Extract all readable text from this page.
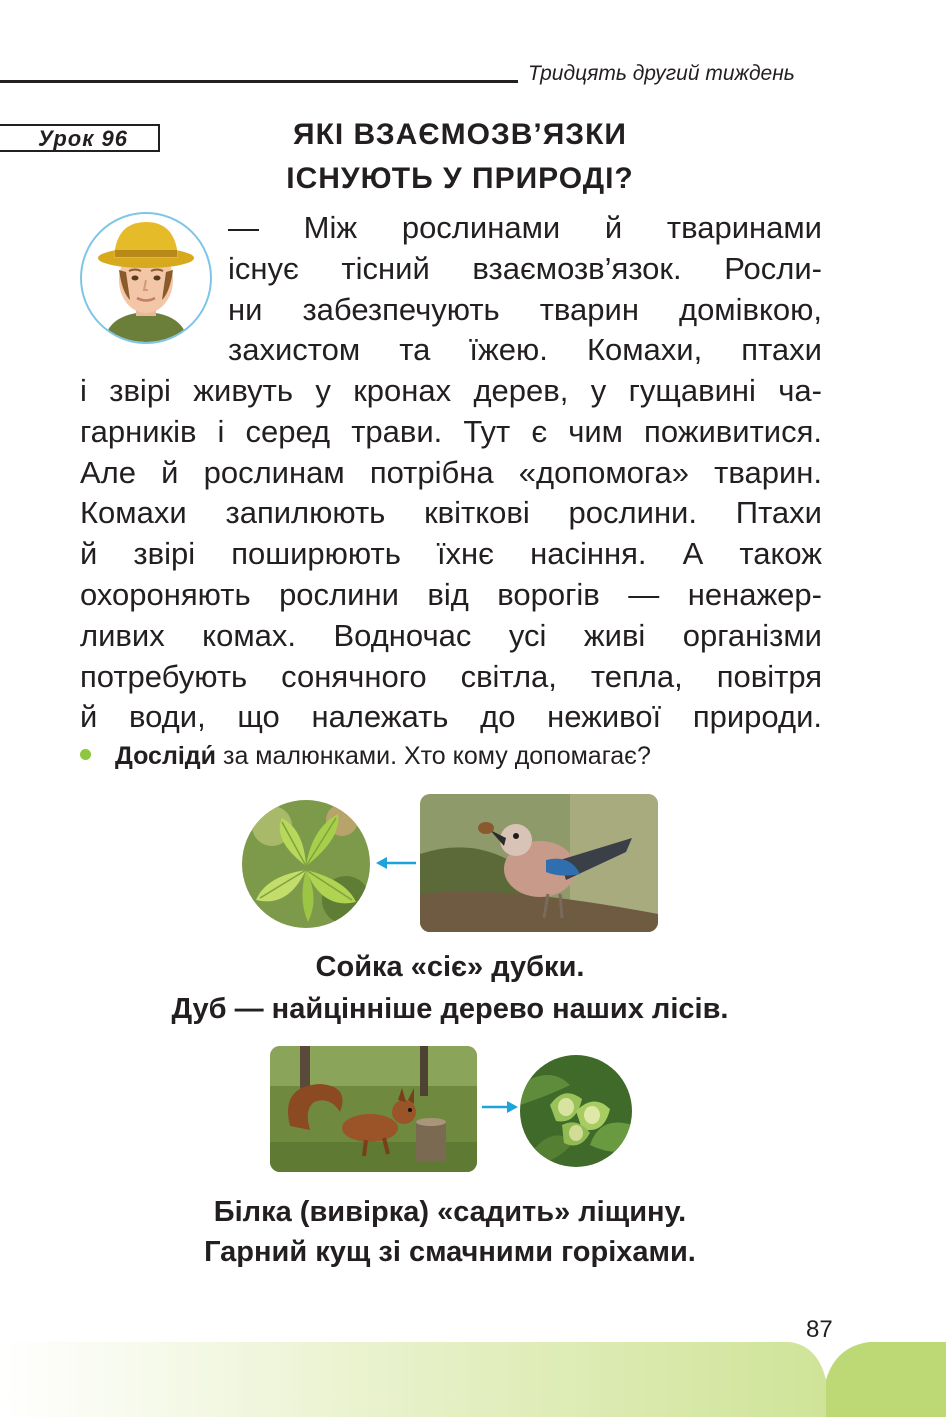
Тридцять другий тиждень
Урок 96	ЯКІ ВЗАЄМОЗВ’ЯЗКИ
ІСНУЮТЬ У ПРИРОДІ?
— Між рослинами й тваринами
існує тісний взаємозв’язок. Росли-
ни забезпечують тварин домівкою,
захистом та їжею. Комахи, птахи
і звірі живуть у кронах дерев, у гущавині ча-
гарників і серед трави. Тут є чим поживитися.
Але й рослинам потрібна «допомога» тварин.
Комахи запилюють квіткові рослини. Птахи
й звірі поширюють їхнє насіння. А також
охороняють рослини від ворогів — ненажер-
ливих комах. Водночас усі живі організми
потребують сонячного світла, тепла, повітря
й води, що належать до неживої природи.
Досліди́ за малюнками. Хто кому допомагає?
Сойка «сіє» дубки.
Дуб — найцінніше дерево наших лісів.
Білка (вивірка) «садить» ліщину.
Гарний кущ зі смачними горіхами.
87
